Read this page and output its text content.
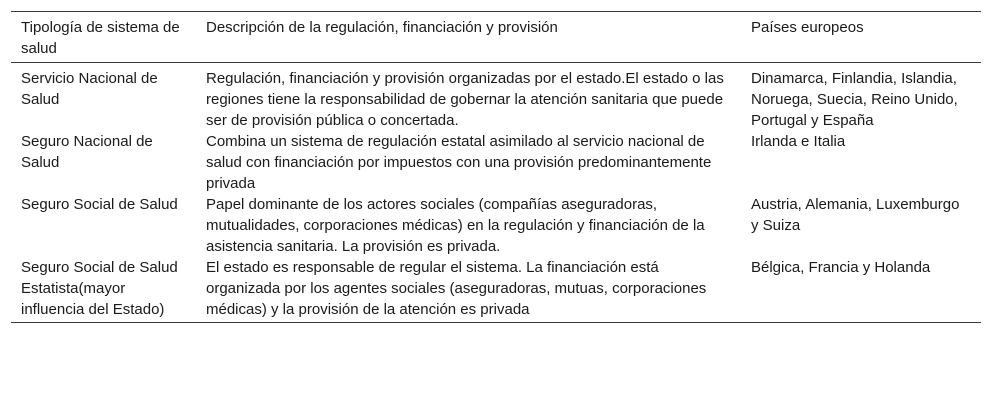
Tipología de sistema de salud	Descripción de la regulación, financiación y provisión	Países europeos
Servicio Nacional de Salud	Regulación, financiación y provisión organizadas por el estado.El estado o las regiones tiene la responsabilidad de gobernar la atención sanitaria que puede ser de provisión pública o concertada.	Dinamarca, Finlandia, Islandia, Noruega, Suecia, Reino Unido, Portugal y España
Seguro Nacional de Salud	Combina un sistema de regulación estatal asimilado al servicio nacional de salud con financiación por impuestos con una provisión predominantemente privada	Irlanda e Italia
Seguro Social de Salud	Papel dominante de los actores sociales (compañías aseguradoras, mutualidades, corporaciones médicas) en la regulación y financiación de la asistencia sanitaria. La provisión es privada.	Austria, Alemania, Luxemburgo y Suiza
Seguro Social de Salud Estatista(mayor influencia del Estado)	El estado es responsable de regular el sistema. La financiación está organizada por los agentes sociales (aseguradoras, mutuas, corporaciones médicas) y la provisión de la atención es privada	Bélgica, Francia y Holanda
